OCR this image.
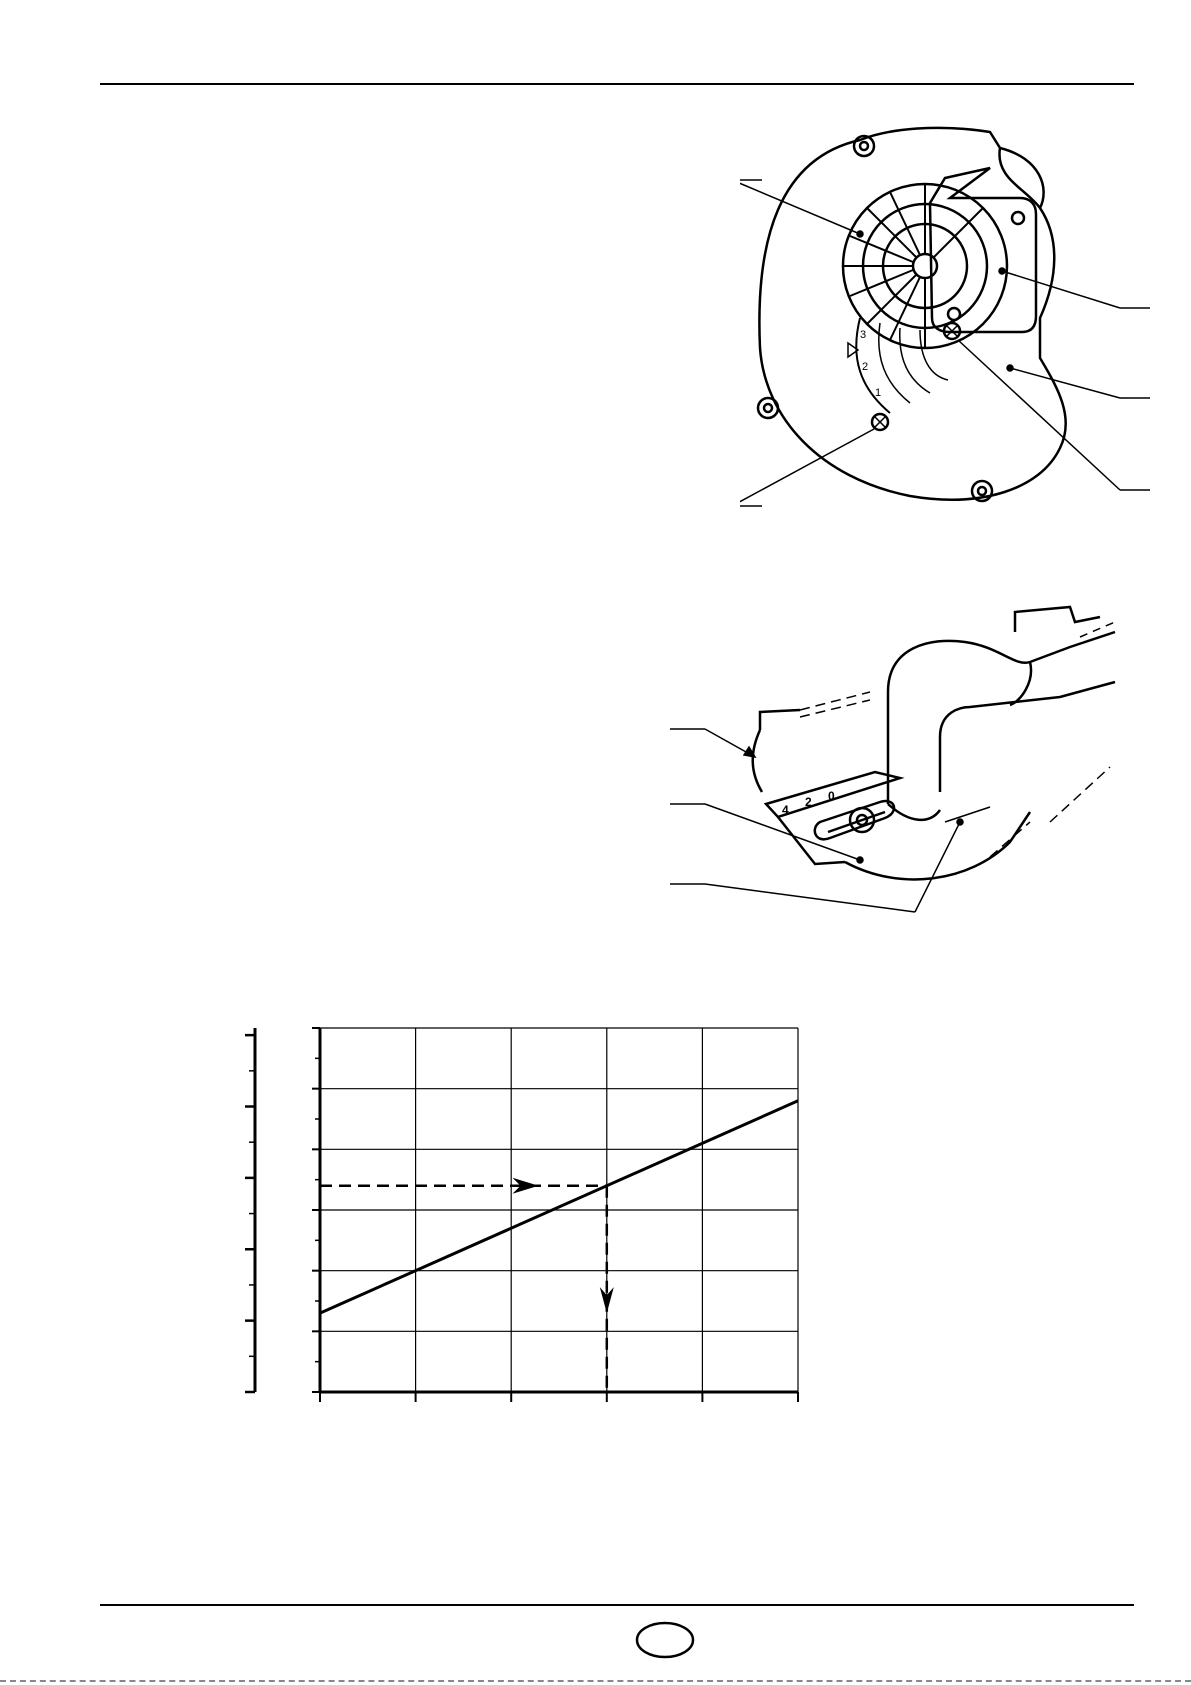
3
2
1
4
2 0
